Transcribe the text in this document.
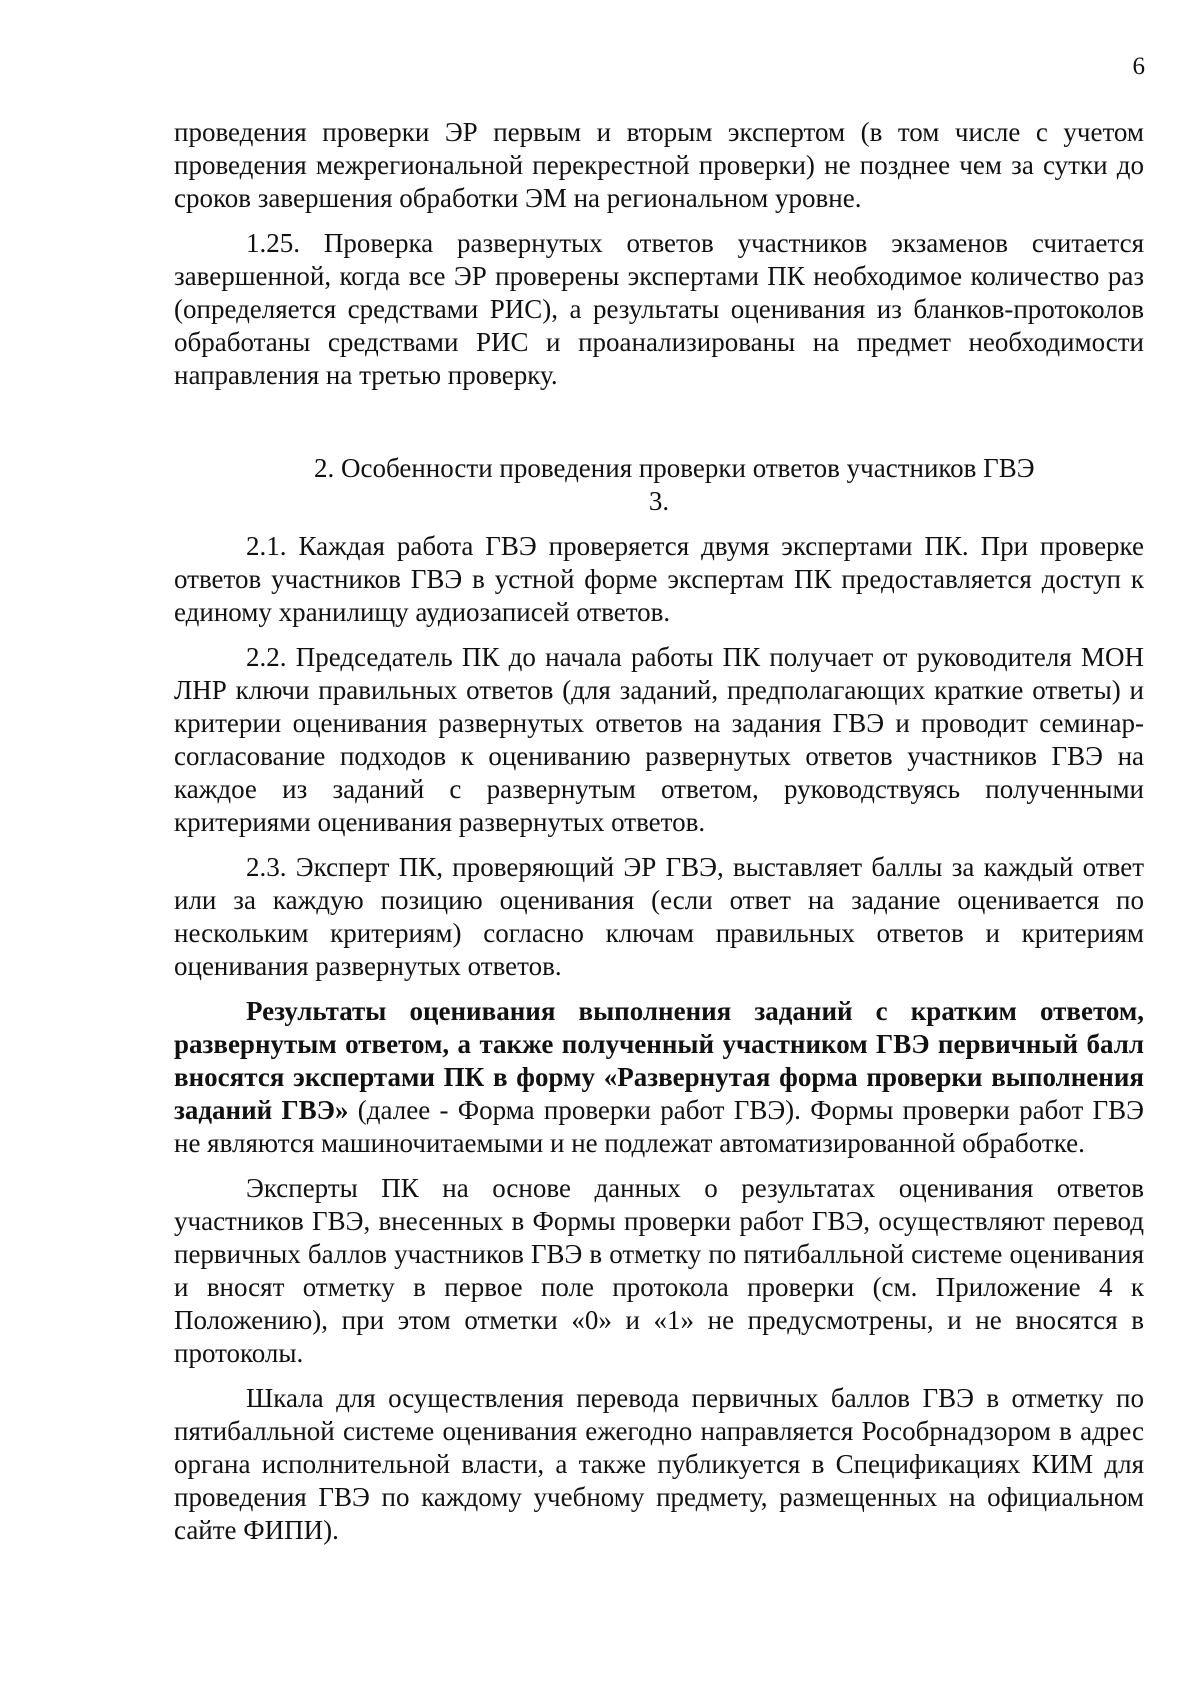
6

проведения проверки ЭР первым и вторым экспертом (в том числе с учетом проведения межрегиональной перекрестной проверки) не позднее чем за сутки до сроков завершения обработки ЭМ на региональном уровне.

1.25. Проверка развернутых ответов участников экзаменов считается завершенной, когда все ЭР проверены экспертами ПК необходимое количество раз (определяется средствами РИС), а результаты оценивания из бланков-протоколов обработаны средствами РИС и проанализированы на предмет необходимости направления на третью проверку.

2. Особенности проведения проверки ответов участников ГВЭ

3.

2.1. Каждая работа ГВЭ проверяется двумя экспертами ПК. При проверке ответов участников ГВЭ в устной форме экспертам ПК предоставляется доступ к единому хранилищу аудиозаписей ответов.

2.2. Председатель ПК до начала работы ПК получает от руководителя МОН ЛНР ключи правильных ответов (для заданий, предполагающих краткие ответы) и критерии оценивания развернутых ответов на задания ГВЭ и проводит семинар-согласование подходов к оцениванию развернутых ответов участников ГВЭ на каждое из заданий с развернутым ответом, руководствуясь полученными критериями оценивания развернутых ответов.

2.3. Эксперт ПК, проверяющий ЭР ГВЭ, выставляет баллы за каждый ответ или за каждую позицию оценивания (если ответ на задание оценивается по нескольким критериям) согласно ключам правильных ответов и критериям оценивания развернутых ответов.

Результаты оценивания выполнения заданий с кратким ответом, развернутым ответом, а также полученный участником ГВЭ первичный балл вносятся экспертами ПК в форму «Развернутая форма проверки выполнения заданий ГВЭ» (далее - Форма проверки работ ГВЭ). Формы проверки работ ГВЭ не являются машиночитаемыми и не подлежат автоматизированной обработке.

Эксперты ПК на основе данных о результатах оценивания ответов участников ГВЭ, внесенных в Формы проверки работ ГВЭ, осуществляют перевод первичных баллов участников ГВЭ в отметку по пятибалльной системе оценивания и вносят отметку в первое поле протокола проверки (см. Приложение 4 к Положению), при этом отметки «0» и «1» не предусмотрены, и не вносятся в протоколы.

Шкала для осуществления перевода первичных баллов ГВЭ в отметку по пятибалльной системе оценивания ежегодно направляется Рособрнадзором в адрес органа исполнительной власти, а также публикуется в Спецификациях КИМ для проведения ГВЭ по каждому учебному предмету, размещенных на официальном сайте ФИПИ).
